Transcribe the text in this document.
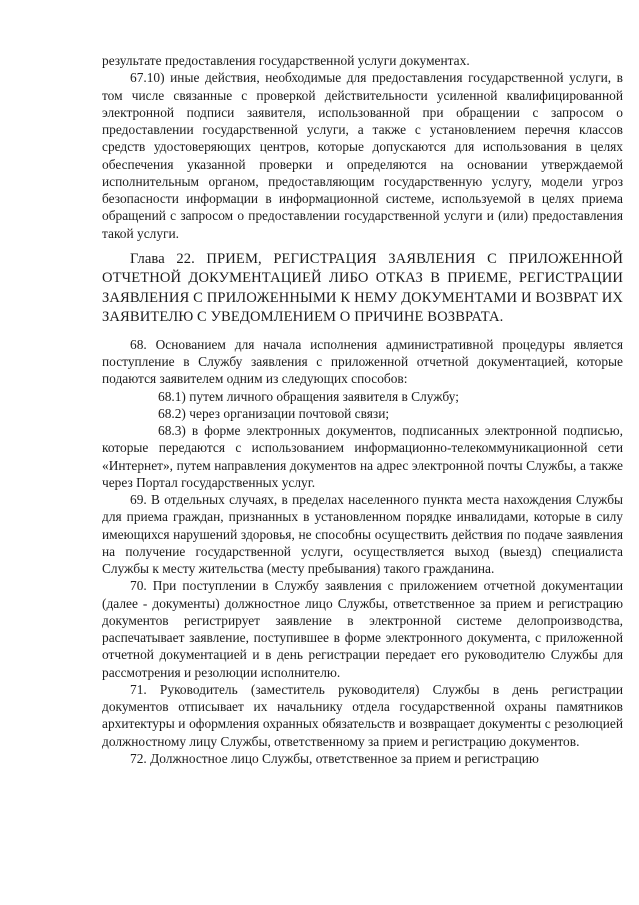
результате предоставления государственной услуги документах.

67.10) иные действия, необходимые для предоставления государственной услуги, в том числе связанные с проверкой действительности усиленной квалифицированной электронной подписи заявителя, использованной при обращении с запросом о предоставлении государственной услуги, а также с установлением перечня классов средств удостоверяющих центров, которые допускаются для использования в целях обеспечения указанной проверки и определяются на основании утверждаемой исполнительным органом, предоставляющим государственную услугу, модели угроз безопасности информации в информационной системе, используемой в целях приема обращений с запросом о предоставлении государственной услуги и (или) предоставления такой услуги.

Глава 22. ПРИЕМ, РЕГИСТРАЦИЯ ЗАЯВЛЕНИЯ С ПРИЛОЖЕННОЙ ОТЧЕТНОЙ ДОКУМЕНТАЦИЕЙ ЛИБО ОТКАЗ В ПРИЕМЕ, РЕГИСТРАЦИИ ЗАЯВЛЕНИЯ С ПРИЛОЖЕННЫМИ К НЕМУ ДОКУМЕНТАМИ И ВОЗВРАТ ИХ ЗАЯВИТЕЛЮ С УВЕДОМЛЕНИЕМ О ПРИЧИНЕ ВОЗВРАТА.

68. Основанием для начала исполнения административной процедуры является поступление в Службу заявления с приложенной отчетной документацией, которые подаются заявителем одним из следующих способов:

68.1) путем личного обращения заявителя в Службу;

68.2) через организации почтовой связи;

68.3) в форме электронных документов, подписанных электронной подписью, которые передаются с использованием информационно-телекоммуникационной сети «Интернет», путем направления документов на адрес электронной почты Службы, а также через Портал государственных услуг.

69. В отдельных случаях, в пределах населенного пункта места нахождения Службы для приема граждан, признанных в установленном порядке инвалидами, которые в силу имеющихся нарушений здоровья, не способны осуществить действия по подаче заявления на получение государственной услуги, осуществляется выход (выезд) специалиста Службы к месту жительства (месту пребывания) такого гражданина.

70. При поступлении в Службу заявления с приложением отчетной документации (далее - документы) должностное лицо Службы, ответственное за прием и регистрацию документов регистрирует заявление в электронной системе делопроизводства, распечатывает заявление, поступившее в форме электронного документа, с приложенной отчетной документацией и в день регистрации передает его руководителю Службы для рассмотрения и резолюции исполнителю.

71. Руководитель (заместитель руководителя) Службы в день регистрации документов отписывает их начальнику отдела государственной охраны памятников архитектуры и оформления охранных обязательств и возвращает документы с резолюцией должностному лицу Службы, ответственному за прием и регистрацию документов.

72. Должностное лицо Службы, ответственное за прием и регистрацию
